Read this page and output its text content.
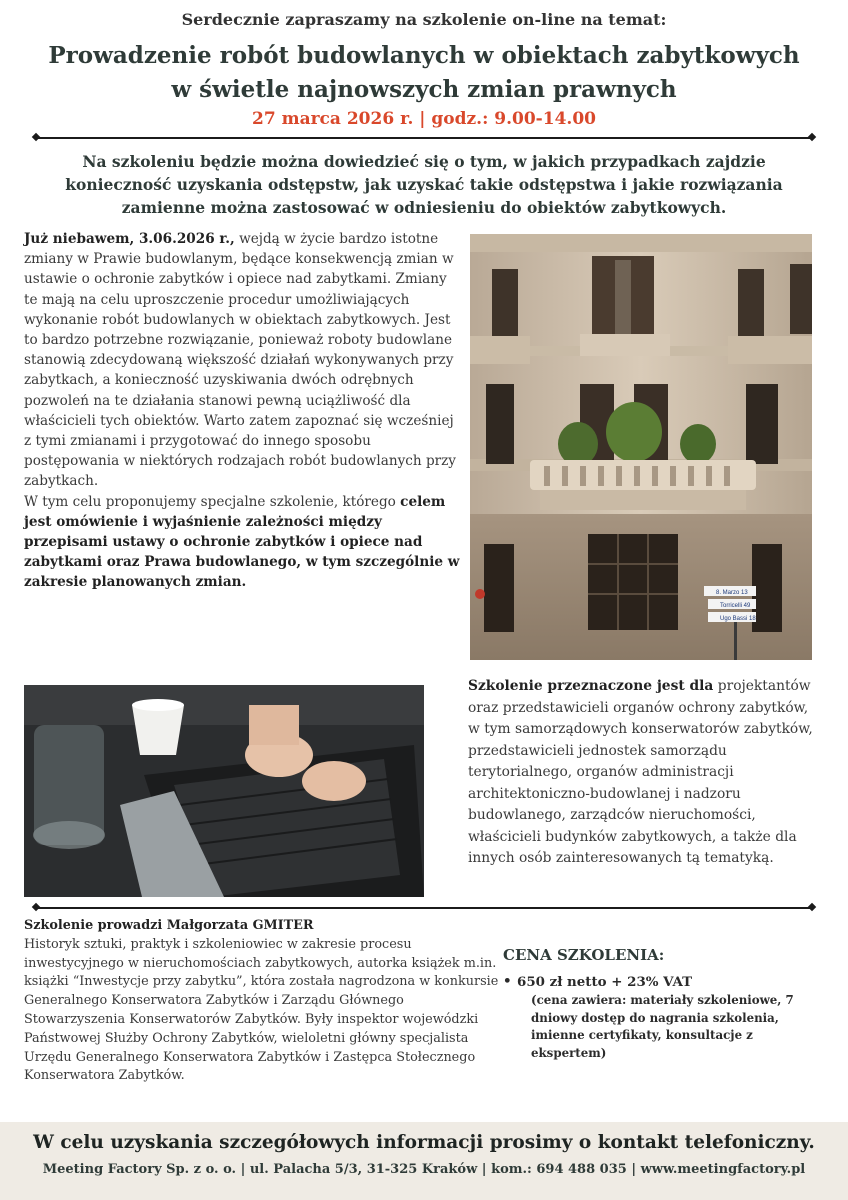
Serdecznie zapraszamy na szkolenie on-line na temat:
Prowadzenie robót budowlanych w obiektach zabytkowych
w świetle najnowszych zmian prawnych
27 marca 2026 r. | godz.: 9.00-14.00
Na szkoleniu będzie można dowiedzieć się o tym, w jakich przypadkach zajdzie konieczność uzyskania odstępstw, jak uzyskać takie odstępstwa i jakie rozwiązania zamienne można zastosować w odniesieniu do obiektów zabytkowych.
Już niebawem, 3.06.2026 r., wejdą w życie bardzo istotne zmiany w Prawie budowlanym, będące konsekwencją zmian w ustawie o ochronie zabytków i opiece nad zabytkami. Zmiany te mają na celu uproszczenie procedur umożliwiających wykonanie robót budowlanych w obiektach zabytkowych. Jest to bardzo potrzebne rozwiązanie, ponieważ roboty budowlane stanowią zdecydowaną większość działań wykonywanych przy zabytkach, a konieczność uzyskiwania dwóch odrębnych pozwoleń na te działania stanowi pewną uciążliwość dla właścicieli tych obiektów. Warto zatem zapoznać się wcześniej z tymi zmianami i przygotować do innego sposobu postępowania w niektórych rodzajach robót budowlanych przy zabytkach.
W tym celu proponujemy specjalne szkolenie, którego celem jest omówienie i wyjaśnienie zależności między przepisami ustawy o ochronie zabytków i opiece nad zabytkami oraz Prawa budowlanego, w tym szczególnie w zakresie planowanych zmian.
8. Marzo 13
Torricelli 49
Ugo Bassi 18
Szkolenie przeznaczone jest dla projektantów oraz przedstawicieli organów ochrony zabytków, w tym samorządowych konserwatorów zabytków, przedstawicieli jednostek samorządu terytorialnego, organów administracji architektoniczno-budowlanej i nadzoru budowlanego, zarządców nieruchomości, właścicieli budynków zabytkowych, a także dla innych osób zainteresowanych tą tematyką.
Szkolenie prowadzi Małgorzata GMITER
Historyk sztuki, praktyk i szkoleniowiec w zakresie procesu inwestycyjnego w nieruchomościach zabytkowych, autorka książek m.in. książki “Inwestycje przy zabytku”, która została nagrodzona w konkursie Generalnego Konserwatora Zabytków i Zarządu Głównego Stowarzyszenia Konserwatorów Zabytków. Były inspektor wojewódzki Państwowej Służby Ochrony Zabytków, wieloletni główny specjalista Urzędu Generalnego Konserwatora Zabytków i Zastępca Stołecznego Konserwatora Zabytków.
CENA SZKOLENIA:
• 650 zł netto + 23% VAT
(cena zawiera: materiały szkoleniowe, 7 dniowy dostęp do nagrania szkolenia, imienne certyfikaty, konsultacje z ekspertem)
W celu uzyskania szczegółowych informacji prosimy o kontakt telefoniczny.
Meeting Factory Sp. z o. o. | ul. Palacha 5/3, 31-325 Kraków | kom.: 694 488 035 | www.meetingfactory.pl
